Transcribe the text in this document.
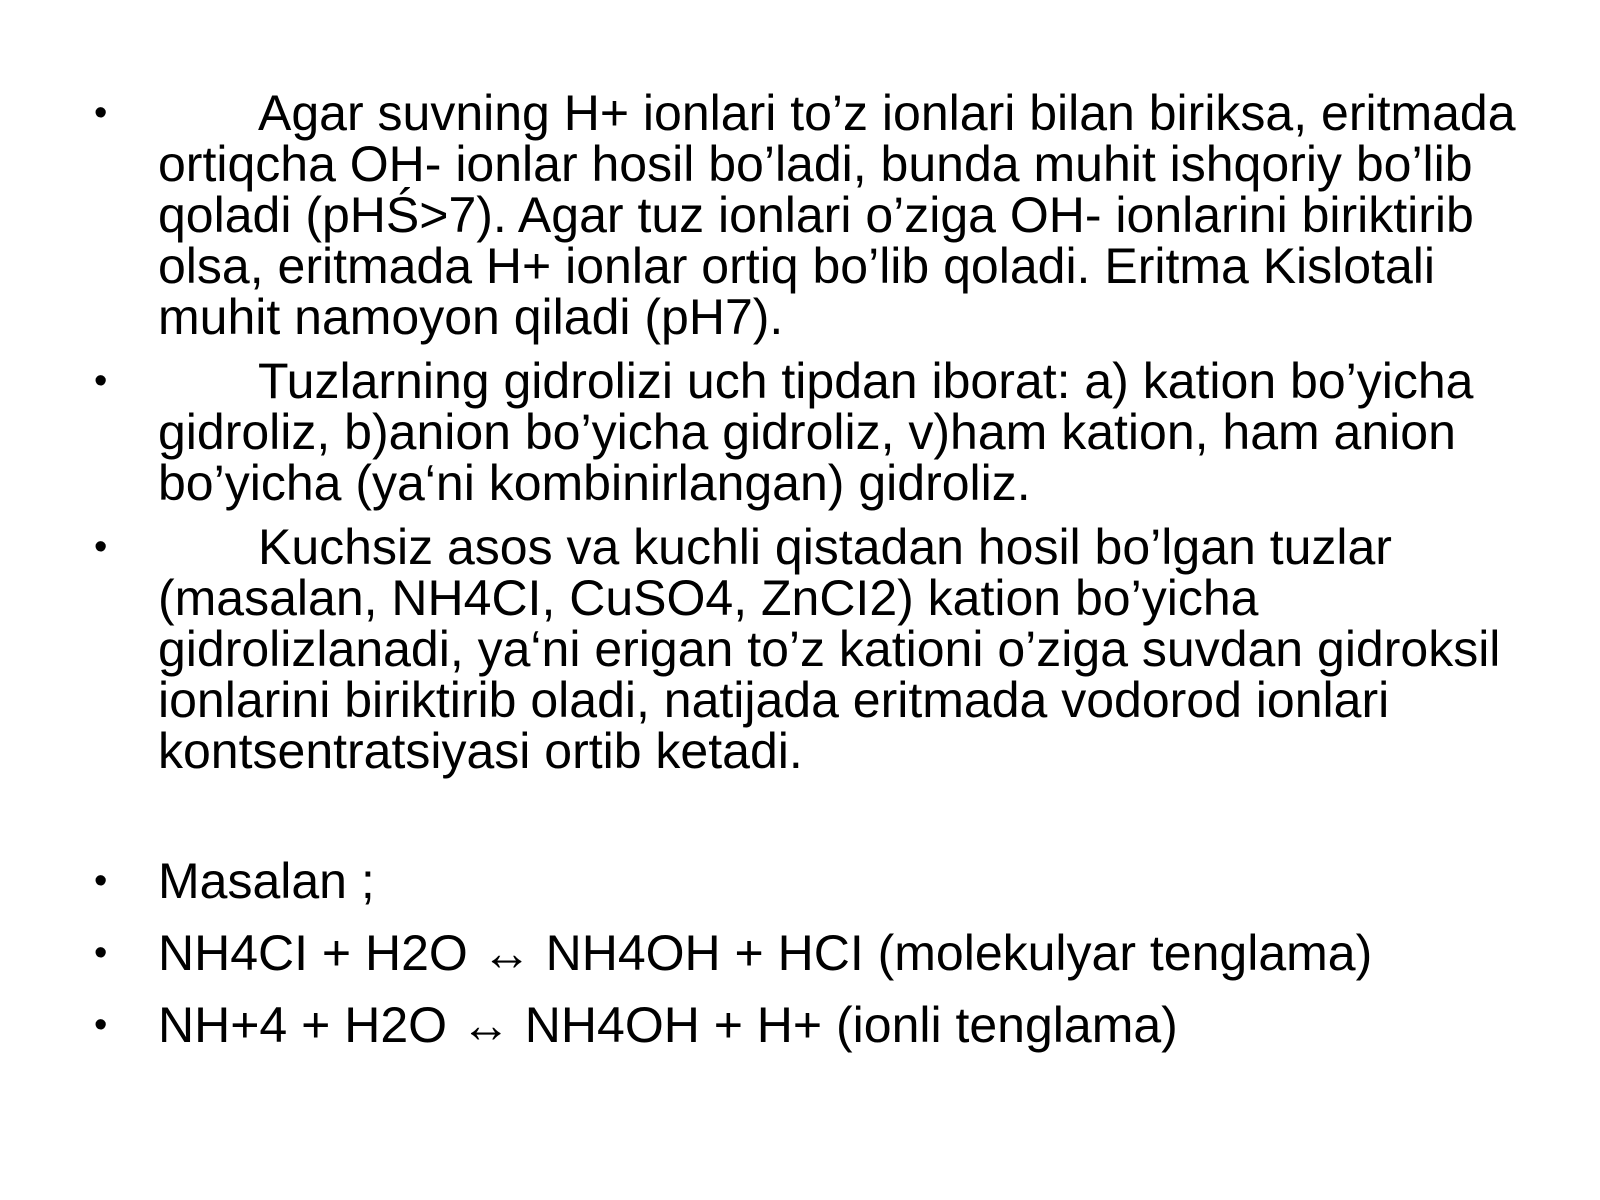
•	Agar suvning H+ ionlari to’z ionlari bilan biriksa, eritmada ortiqcha OH- ionlar hosil bo’ladi, bunda muhit ishqoriy bo’lib qoladi (pHŚ>7). Agar tuz ionlari o’ziga OH- ionlarini biriktirib olsa, eritmada H+ ionlar ortiq bo’lib qoladi. Eritma Kislotali muhit namoyon qiladi (pH7).
•	Tuzlarning gidrolizi uch tipdan iborat: a) kation bo’yicha gidroliz, b)anion bo’yicha gidroliz, v)ham kation, ham anion bo’yicha (ya‘ni kombinirlangan) gidroliz.
•	Kuchsiz asos va kuchli qistadan hosil bo’lgan tuzlar (masalan, NH4CI, CuSO4, ZnCI2) kation bo’yicha gidrolizlanadi, ya‘ni erigan to’z kationi o’ziga suvdan gidroksil ionlarini biriktirib oladi, natijada eritmada vodorod ionlari kontsentratsiyasi ortib ketadi.
• Masalan ;
• NH4CI + H2O ↔ NH4OH + HCI (molekulyar tenglama)
• NH+4 + H2O ↔ NH4OH + H+ (ionli tenglama)
